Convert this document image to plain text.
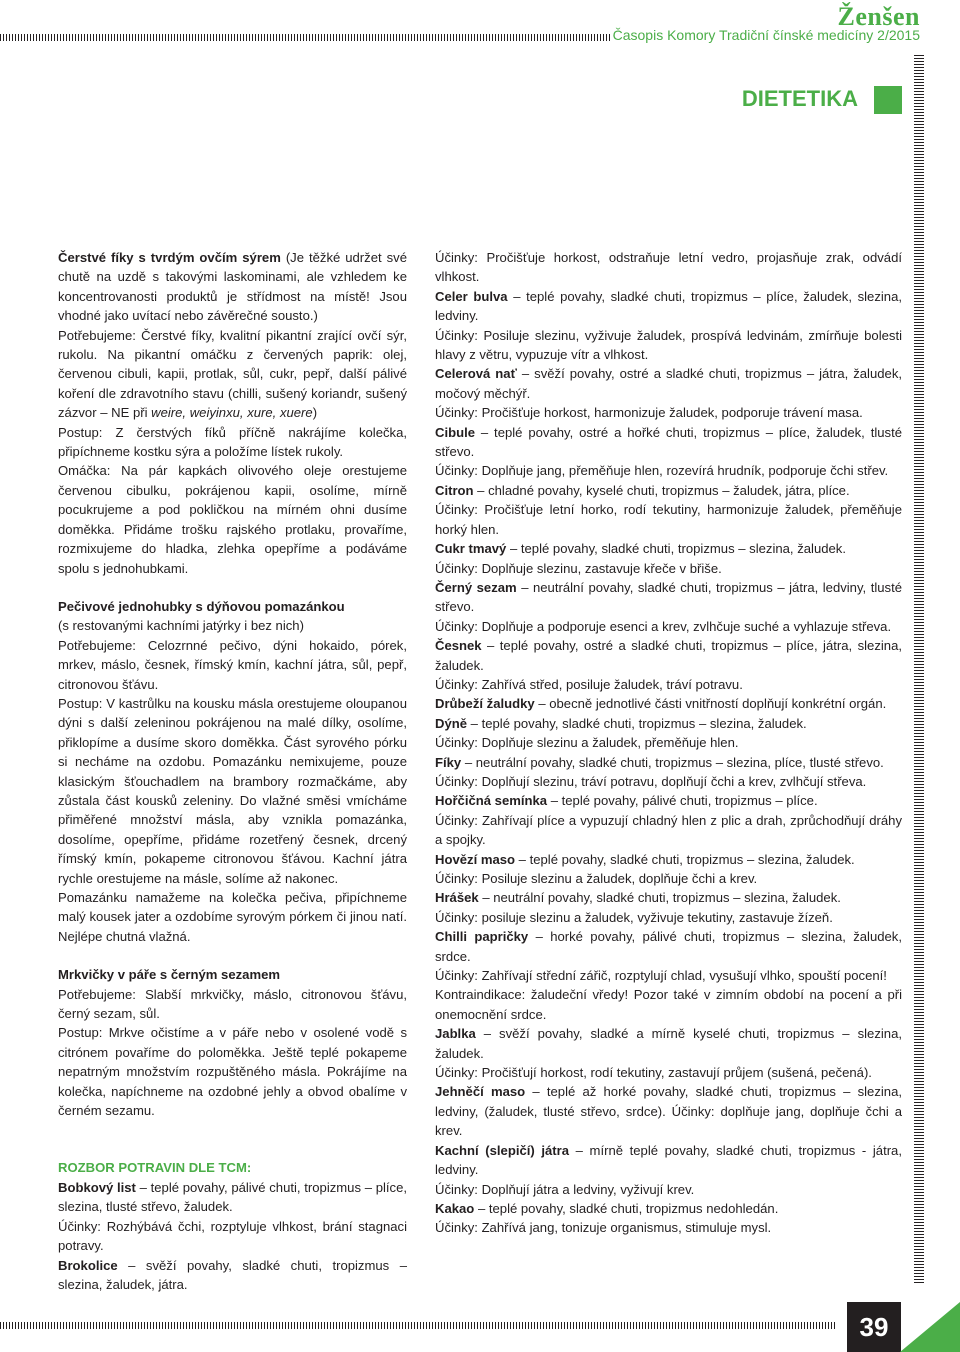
Ženšen
Časopis Komory Tradiční čínské medicíny 2/2015
DIETETIKA

Čerstvé fíky s tvrdým ovčím sýrem (Je těžké udržet své chutě na uzdě s takovými laskominami, ale vzhledem ke koncentrovanosti produktů je střídmost na místě! Jsou vhodné jako uvítací nebo závěrečné sousto.)

Potřebujeme: Čerstvé fíky, kvalitní pikantní zrající ovčí sýr, rukolu. Na pikantní omáčku z červených paprik: olej, červenou cibuli, kapii, protlak, sůl, cukr, pepř, další pálivé koření dle zdravotního stavu (chilli, sušený koriandr, sušený zázvor – NE při weire, weiyinxu, xure, xuere)

Postup: Z čerstvých fíků příčně nakrájíme kolečka, připíchneme kostku sýra a položíme lístek rukoly.

Omáčka: Na pár kapkách olivového oleje orestujeme červenou cibulku, pokrájenou kapii, osolíme, mírně pocukrujeme a pod pokličkou na mírném ohni dusíme doměkka. Přidáme trošku rajského protlaku, provaříme, rozmixujeme do hladka, zlehka opepříme a podáváme spolu s jednohubkami.

Pečivové jednohubky s dýňovou pomazánkou

(s restovanými kachními jatýrky i bez nich)

Potřebujeme: Celozrnné pečivo, dýni hokaido, pórek, mrkev, máslo, česnek, římský kmín, kachní játra, sůl, pepř, citronovou šťávu.

Postup: V kastrůlku na kousku másla orestujeme oloupanou dýni s další zeleninou pokrájenou na malé dílky, osolíme, přiklopíme a dusíme skoro doměkka. Část syrového pórku si necháme na ozdobu. Pomazánku nemixujeme, pouze klasickým šťouchadlem na brambory rozmačkáme, aby zůstala část kousků zeleniny. Do vlažné směsi vmícháme přiměřené množství másla, aby vznikla pomazánka, dosolíme, opepříme, přidáme rozetřený česnek, drcený římský kmín, pokapeme citronovou šťávou. Kachní játra rychle orestujeme na másle, solíme až nakonec.

Pomazánku namažeme na kolečka pečiva, připíchneme malý kousek jater a ozdobíme syrovým pórkem či jinou natí. Nejlépe chutná vlažná.

Mrkvičky v páře s černým sezamem

Potřebujeme: Slabší mrkvičky, máslo, citronovou šťávu, černý sezam, sůl.

Postup: Mrkve očistíme a v páře nebo v osolené vodě s citrónem povaříme do poloměkka. Ještě teplé pokapeme nepatrným množstvím rozpuštěného másla. Pokrájíme na kolečka, napíchneme na ozdobné jehly a obvod obalíme v černém sezamu.

ROZBOR POTRAVIN DLE TCM:

Bobkový list – teplé povahy, pálivé chuti, tropizmus – plíce, slezina, tlusté střevo, žaludek.

Účinky: Rozhýbává čchi, rozptyluje vlhkost, brání stagnaci potravy.

Brokolice – svěží povahy, sladké chuti, tropizmus – slezina, žaludek, játra.

Účinky: Pročišťuje horkost, odstraňuje letní vedro, projasňuje zrak, odvádí vlhkost.

Celer bulva – teplé povahy, sladké chuti, tropizmus – plíce, žaludek, slezina, ledviny.

Účinky: Posiluje slezinu, vyživuje žaludek, prospívá ledvinám, zmírňuje bolesti hlavy z větru, vypuzuje vítr a vlhkost.

Celerová nať – svěží povahy, ostré a sladké chuti, tropizmus – játra, žaludek, močový měchýř.

Účinky: Pročišťuje horkost, harmonizuje žaludek, podporuje trávení masa.

Cibule – teplé povahy, ostré a hořké chuti, tropizmus – plíce, žaludek, tlusté střevo.

Účinky: Doplňuje jang, přeměňuje hlen, rozevírá hrudník, podporuje čchi střev.

Citron – chladné povahy, kyselé chuti, tropizmus – žaludek, játra, plíce.

Účinky: Pročišťuje letní horko, rodí tekutiny, harmonizuje žaludek, přeměňuje horký hlen.

Cukr tmavý – teplé povahy, sladké chuti, tropizmus – slezina, žaludek.

Účinky: Doplňuje slezinu, zastavuje křeče v břiše.

Černý sezam – neutrální povahy, sladké chuti, tropizmus – játra, ledviny, tlusté střevo.

Účinky: Doplňuje a podporuje esenci a krev, zvlhčuje suché a vyhlazuje střeva.

Česnek – teplé povahy, ostré a sladké chuti, tropizmus – plíce, játra, slezina, žaludek.

Účinky: Zahřívá střed, posiluje žaludek, tráví potravu.

Drůbeží žaludky – obecně jednotlivé části vnitřností doplňují konkrétní orgán.

Dýně – teplé povahy, sladké chuti, tropizmus – slezina, žaludek.

Účinky: Doplňuje slezinu a žaludek, přeměňuje hlen.

Fíky – neutrální povahy, sladké chuti, tropizmus – slezina, plíce, tlusté střevo.

Účinky: Doplňují slezinu, tráví potravu, doplňují čchi a krev, zvlhčují střeva.

Hořčičná semínka – teplé povahy, pálivé chuti, tropizmus – plíce.

Účinky: Zahřívají plíce a vypuzují chladný hlen z plic a drah, zprůchodňují dráhy a spojky.

Hovězí maso – teplé povahy, sladké chuti, tropizmus – slezina, žaludek.

Účinky: Posiluje slezinu a žaludek, doplňuje čchi a krev.

Hrášek – neutrální povahy, sladké chuti, tropizmus – slezina, žaludek.

Účinky: posiluje slezinu a žaludek, vyživuje tekutiny, zastavuje žízeň.

Chilli papričky – horké povahy, pálivé chuti, tropizmus – slezina, žaludek, srdce.

Účinky: Zahřívají střední zářič, rozptylují chlad, vysušují vlhko, spouští pocení!

Kontraindikace: žaludeční vředy! Pozor také v zimním období na pocení a při onemocnění srdce.

Jablka – svěží povahy, sladké a mírně kyselé chuti, tropizmus – slezina, žaludek.

Účinky: Pročišťují horkost, rodí tekutiny, zastavují průjem (sušená, pečená).

Jehněčí maso – teplé až horké povahy, sladké chuti, tropizmus – slezina, ledviny, (žaludek, tlusté střevo, srdce). Účinky: doplňuje jang, doplňuje čchi a krev.

Kachní (slepičí) játra – mírně teplé povahy, sladké chuti, tropizmus - játra, ledviny.

Účinky: Doplňují játra a ledviny, vyživují krev.

Kakao – teplé povahy, sladké chuti, tropizmus nedohledán.

Účinky: Zahřívá jang, tonizuje organismus, stimuluje mysl.

39
